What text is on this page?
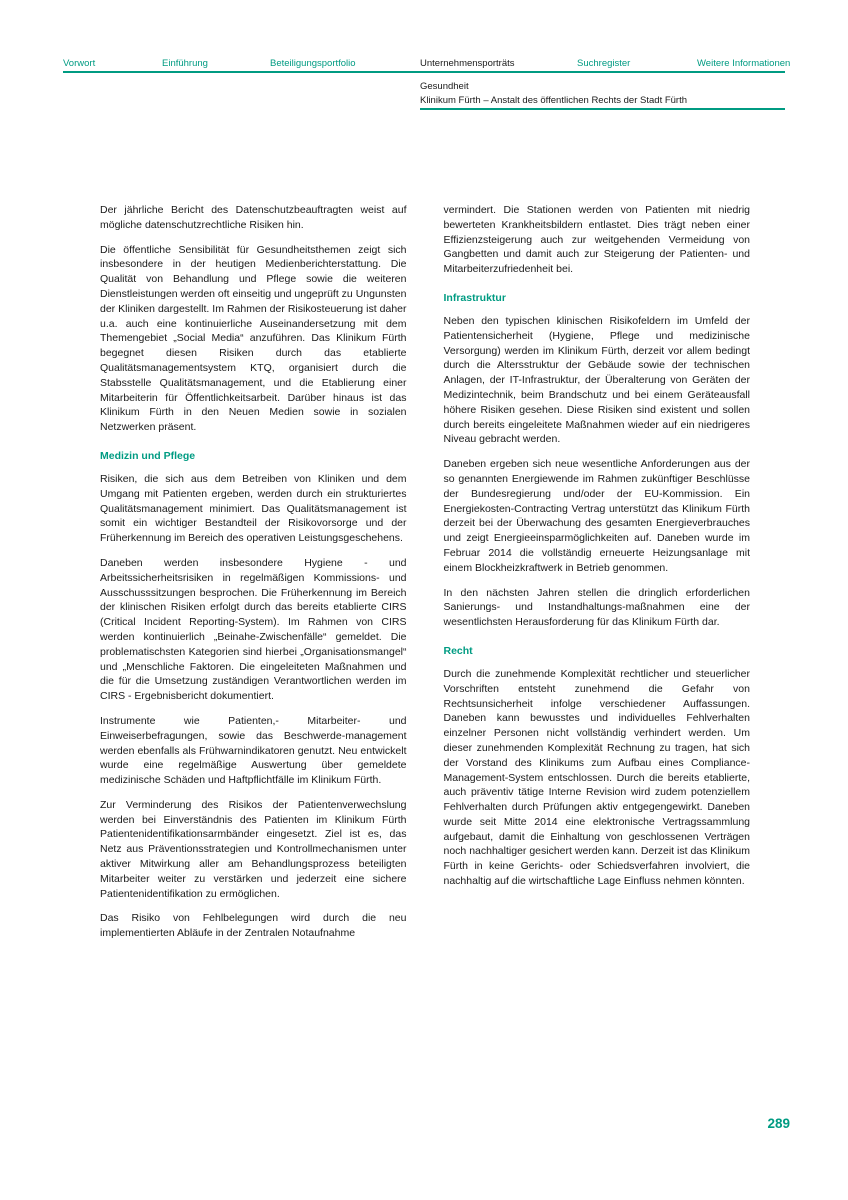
Vorwort	Einführung	Beteiligungsportfolio	Unternehmensporträts	Suchregister	Weitere Informationen
Gesundheit
Klinikum Fürth – Anstalt des öffentlichen Rechts der Stadt Fürth

Der jährliche Bericht des Datenschutzbeauftragten weist auf mögliche datenschutzrechtliche Risiken hin.

Die öffentliche Sensibilität für Gesundheitsthemen zeigt sich insbesondere in der heutigen Medienberichterstattung. Die Qualität von Behandlung und Pflege sowie die weiteren Dienstleistungen werden oft einseitig und ungeprüft zu Ungunsten der Kliniken dargestellt. Im Rahmen der Risikosteuerung ist daher u.a. auch eine kontinuierliche Auseinandersetzung mit dem Themengebiet „Social Media“ anzuführen. Das Klinikum Fürth begegnet diesen Risiken durch das etablierte Qualitätsmanagementsystem KTQ, organisiert durch die Stabsstelle Qualitätsmanagement, und die Etablierung einer Mitarbeiterin für Öffentlichkeitsarbeit. Darüber hinaus ist das Klinikum Fürth in den Neuen Medien sowie in sozialen Netzwerken präsent.

Medizin und Pflege

Risiken, die sich aus dem Betreiben von Kliniken und dem Umgang mit Patienten ergeben, werden durch ein strukturiertes Qualitätsmanagement minimiert. Das Qualitätsmanagement ist somit ein wichtiger Bestandteil der Risikovorsorge und der Früherkennung im Bereich des operativen Leistungsgeschehens.

Daneben werden insbesondere Hygiene - und Arbeitssicherheitsrisiken in regelmäßigen Kommissions- und Ausschusssitzungen besprochen. Die Früherkennung im Bereich der klinischen Risiken erfolgt durch das bereits etablierte CIRS (Critical Incident Reporting-System). Im Rahmen von CIRS werden kontinuierlich „Beinahe-Zwischenfälle“ gemeldet. Die problematischsten Kategorien sind hierbei „Organisationsmangel“ und „Menschliche Faktoren. Die eingeleiteten Maßnahmen und die für die Umsetzung zuständigen Verantwortlichen werden im CIRS - Ergebnisbericht dokumentiert.

Instrumente wie Patienten,- Mitarbeiter- und Einweiserbefragungen, sowie das Beschwerde-management werden ebenfalls als Frühwarnindikatoren genutzt. Neu entwickelt wurde eine regelmäßige Auswertung über gemeldete medizinische Schäden und Haftpflichtfälle im Klinikum Fürth.

Zur Verminderung des Risikos der Patientenverwechslung werden bei Einverständnis des Patienten im Klinikum Fürth Patientenidentifikationsarmbänder eingesetzt. Ziel ist es, das Netz aus Präventionsstrategien und Kontrollmechanismen unter aktiver Mitwirkung aller am Behandlungsprozess beteiligten Mitarbeiter weiter zu verstärken und jederzeit eine sichere Patientenidentifikation zu ermöglichen.

Das Risiko von Fehlbelegungen wird durch die neu implementierten Abläufe in der Zentralen Notaufnahme

vermindert. Die Stationen werden von Patienten mit niedrig bewerteten Krankheitsbildern entlastet. Dies trägt neben einer Effizienzsteigerung auch zur weitgehenden Vermeidung von Gangbetten und damit auch zur Steigerung der Patienten- und Mitarbeiterzufriedenheit bei.

Infrastruktur

Neben den typischen klinischen Risikofeldern im Umfeld der Patientensicherheit (Hygiene, Pflege und medizinische Versorgung) werden im Klinikum Fürth, derzeit vor allem bedingt durch die Altersstruktur der Gebäude sowie der technischen Anlagen, der IT-Infrastruktur, der Überalterung von Geräten der Medizintechnik, beim Brandschutz und bei einem Geräteausfall höhere Risiken gesehen. Diese Risiken sind existent und sollen durch bereits eingeleitete Maßnahmen wieder auf ein niedrigeres Niveau gebracht werden.

Daneben ergeben sich neue wesentliche Anforderungen aus der so genannten Energiewende im Rahmen zukünftiger Beschlüsse der Bundesregierung und/oder der EU-Kommission. Ein Energiekosten-Contracting Vertrag unterstützt das Klinikum Fürth derzeit bei der Überwachung des gesamten Energieverbrauches und zeigt Energieeinsparmöglichkeiten auf. Daneben wurde im Februar 2014 die vollständig erneuerte Heizungsanlage mit einem Blockheizkraftwerk in Betrieb genommen.

In den nächsten Jahren stellen die dringlich erforderlichen Sanierungs- und Instandhaltungs-maßnahmen eine der wesentlichsten Herausforderung für das Klinikum Fürth dar.

Recht

Durch die zunehmende Komplexität rechtlicher und steuerlicher Vorschriften entsteht zunehmend die Gefahr von Rechtsunsicherheit infolge verschiedener Auffassungen. Daneben kann bewusstes und individuelles Fehlverhalten einzelner Personen nicht vollständig verhindert werden. Um dieser zunehmenden Komplexität Rechnung zu tragen, hat sich der Vorstand des Klinikums zum Aufbau eines Compliance-Management-System entschlossen. Durch die bereits etablierte, auch präventiv tätige Interne Revision wird zudem potenziellem Fehlverhalten durch Prüfungen aktiv entgegengewirkt. Daneben wurde seit Mitte 2014 eine elektronische Vertragssammlung aufgebaut, damit die Einhaltung von geschlossenen Verträgen noch nachhaltiger gesichert werden kann. Derzeit ist das Klinikum Fürth in keine Gerichts- oder Schiedsverfahren involviert, die nachhaltig auf die wirtschaftliche Lage Einfluss nehmen könnten.

289
